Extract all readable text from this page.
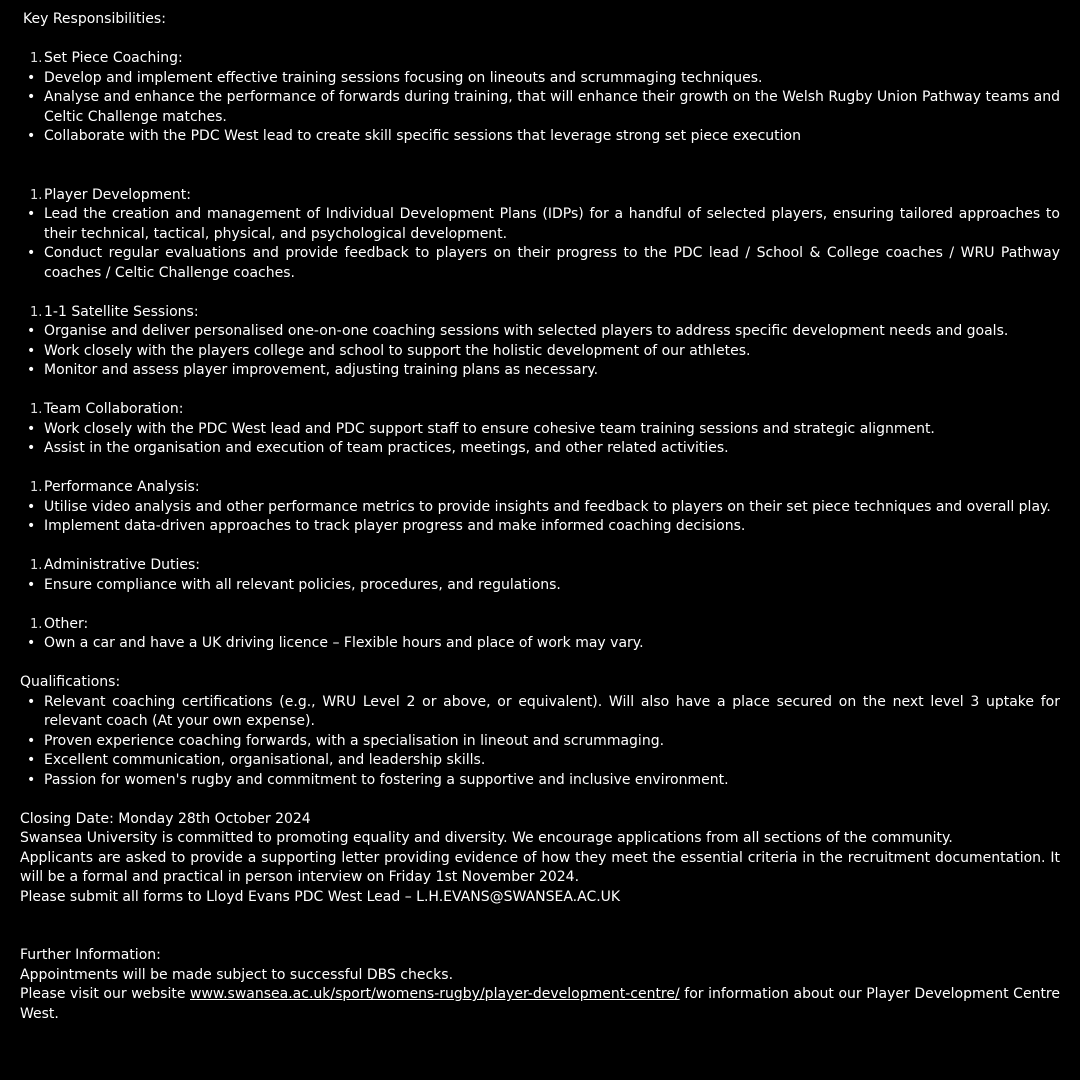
Key Responsibilities:
1. Set Piece Coaching:
• Develop and implement effective training sessions focusing on lineouts and scrummaging techniques.
• Analyse and enhance the performance of forwards during training, that will enhance their growth on the Welsh Rugby Union Pathway teams and Celtic Challenge matches.
• Collaborate with the PDC West lead to create skill specific sessions that leverage strong set piece execution
1. Player Development:
• Lead the creation and management of Individual Development Plans (IDPs) for a handful of selected players, ensuring tailored approaches to their technical, tactical, physical, and psychological development.
• Conduct regular evaluations and provide feedback to players on their progress to the PDC lead / School & College coaches / WRU Pathway coaches / Celtic Challenge coaches.
1. 1-1 Satellite Sessions:
• Organise and deliver personalised one-on-one coaching sessions with selected players to address specific development needs and goals.
• Work closely with the players college and school to support the holistic development of our athletes.
• Monitor and assess player improvement, adjusting training plans as necessary.
1. Team Collaboration:
• Work closely with the PDC West lead and PDC support staff to ensure cohesive team training sessions and strategic alignment.
• Assist in the organisation and execution of team practices, meetings, and other related activities.
1. Performance Analysis:
• Utilise video analysis and other performance metrics to provide insights and feedback to players on their set piece techniques and overall play.
• Implement data-driven approaches to track player progress and make informed coaching decisions.
1. Administrative Duties:
• Ensure compliance with all relevant policies, procedures, and regulations.
1. Other:
• Own a car and have a UK driving licence – Flexible hours and place of work may vary.
Qualifications:
• Relevant coaching certifications (e.g., WRU Level 2 or above, or equivalent). Will also have a place secured on the next level 3 uptake for relevant coach (At your own expense).
• Proven experience coaching forwards, with a specialisation in lineout and scrummaging.
• Excellent communication, organisational, and leadership skills.
• Passion for women's rugby and commitment to fostering a supportive and inclusive environment.

Closing Date: Monday 28th October 2024

Swansea University is committed to promoting equality and diversity. We encourage applications from all sections of the community.

Applicants are asked to provide a supporting letter providing evidence of how they meet the essential criteria in the recruitment documentation. It will be a formal and practical in person interview on Friday 1st November 2024.

Please submit all forms to Lloyd Evans PDC West Lead – L.H.EVANS@SWANSEA.AC.UK

Further Information:

Appointments will be made subject to successful DBS checks.

Please visit our website www.swansea.ac.uk/sport/womens-rugby/player-development-centre/ for information about our Player Development Centre West.
